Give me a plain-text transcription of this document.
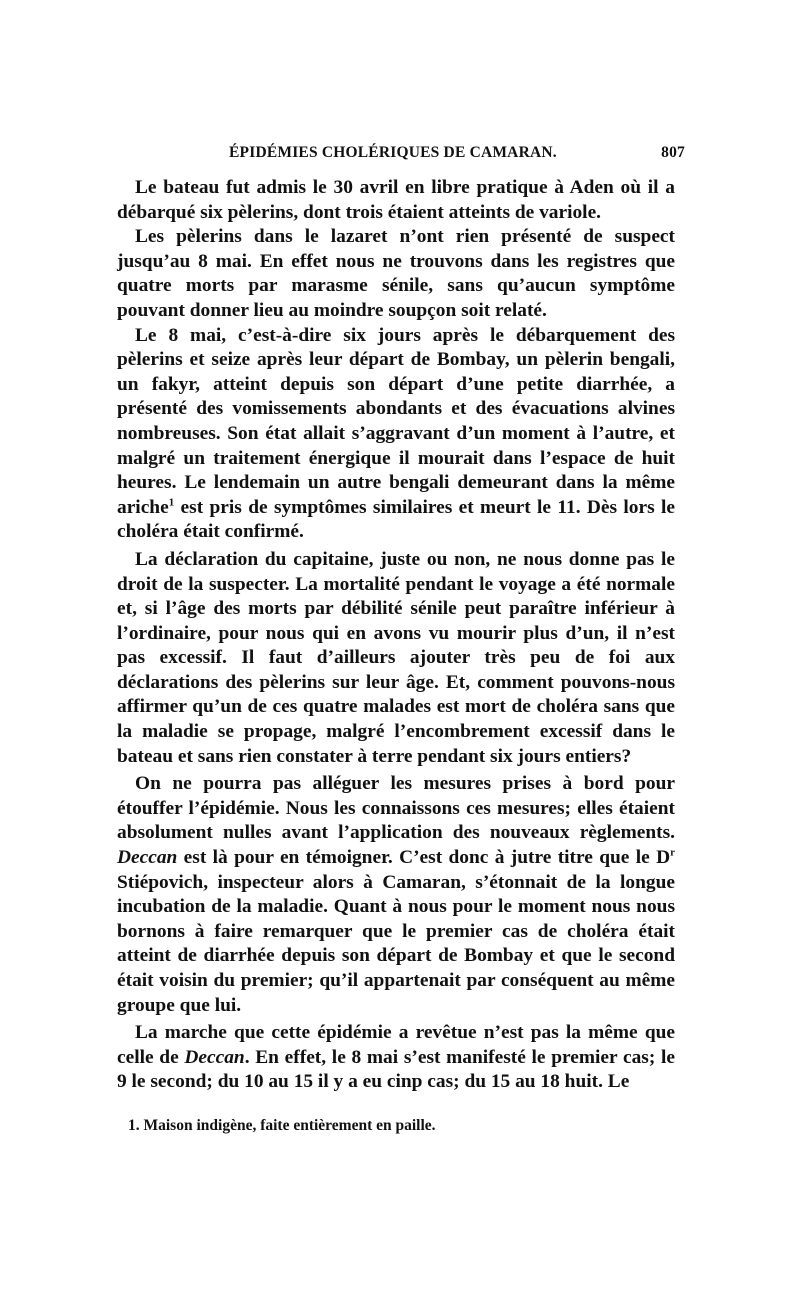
ÉPIDÉMIES CHOLÉRIQUES DE CAMARAN.	807

Le bateau fut admis le 30 avril en libre pratique à Aden où il a débarqué six pèlerins, dont trois étaient atteints de variole.

Les pèlerins dans le lazaret n’ont rien présenté de suspect jusqu’au 8 mai. En effet nous ne trouvons dans les registres que quatre morts par marasme sénile, sans qu’aucun symptôme pouvant donner lieu au moindre soupçon soit relaté.

Le 8 mai, c’est-à-dire six jours après le débarquement des pèlerins et seize après leur départ de Bombay, un pèlerin bengali, un fakyr, atteint depuis son départ d’une petite diarrhée, a présenté des vomissements abondants et des évacuations alvines nombreuses. Son état allait s’aggravant d’un moment à l’autre, et malgré un traitement énergique il mourait dans l’espace de huit heures. Le lendemain un autre bengali demeurant dans la même ariche$^1$ est pris de symptômes similaires et meurt le 11. Dès lors le choléra était confirmé.

La déclaration du capitaine, juste ou non, ne nous donne pas le droit de la suspecter. La mortalité pendant le voyage a été normale et, si l’âge des morts par débilité sénile peut paraître inférieur à l’ordinaire, pour nous qui en avons vu mourir plus d’un, il n’est pas excessif. Il faut d’ailleurs ajouter très peu de foi aux déclarations des pèlerins sur leur âge. Et, comment pouvons-nous affirmer qu’un de ces quatre malades est mort de choléra sans que la maladie se propage, malgré l’encombrement excessif dans le bateau et sans rien constater à terre pendant six jours entiers?

On ne pourra pas alléguer les mesures prises à bord pour étouffer l’épidémie. Nous les connaissons ces mesures; elles étaient absolument nulles avant l’application des nouveaux règlements. Deccan est là pour en témoigner. C’est donc à jutre titre que le $D^r$ Stiépovich, inspecteur alors à Camaran, s’étonnait de la longue incubation de la maladie. Quant à nous pour le moment nous nous bornons à faire remarquer que le premier cas de choléra était atteint de diarrhée depuis son départ de Bombay et que le second était voisin du premier; qu’il appartenait par conséquent au même groupe que lui.

La marche que cette épidémie a revêtue n’est pas la même que celle de Deccan. En effet, le 8 mai s’est manifesté le premier cas; le 9 le second; du 10 au 15 il y a eu cinp cas; du 15 au 18 huit. Le

1. Maison indigène, faite entièrement en paille.
